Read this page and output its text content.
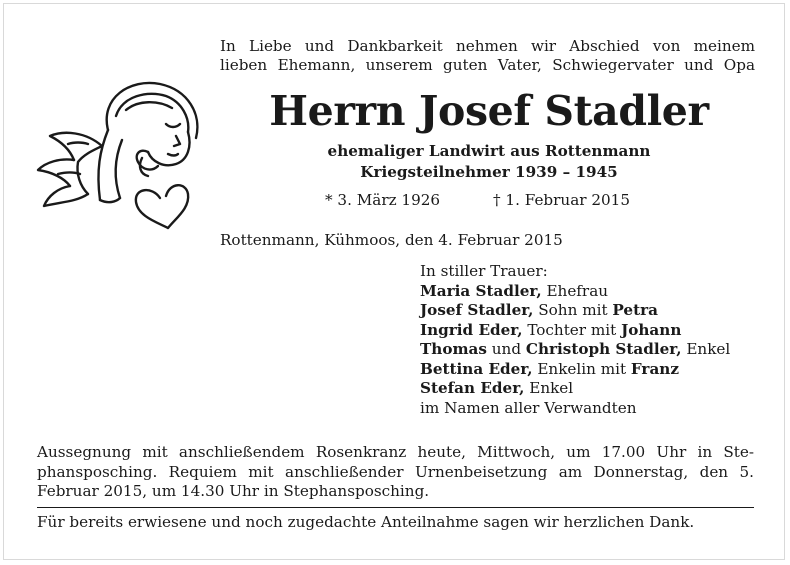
In Liebe und Dankbarkeit nehmen wir Abschied von meinem
lieben Ehemann, unserem guten Vater, Schwiegervater und Opa
Herrn Josef Stadler
ehemaliger Landwirt aus Rottenmann
Kriegsteilnehmer 1939 – 1945
* 3. März 1926	† 1. Februar 2015
Rottenmann, Kühmoos, den 4. Februar 2015
In stiller Trauer:
Maria Stadler, Ehefrau
Josef Stadler, Sohn mit Petra
Ingrid Eder, Tochter mit Johann
Thomas und Christoph Stadler, Enkel
Bettina Eder, Enkelin mit Franz
Stefan Eder, Enkel
im Namen aller Verwandten
Aussegnung mit anschließendem Rosenkranz heute, Mittwoch, um 17.00 Uhr in Stephansposching. Requiem mit anschließender Urnenbeisetzung am Donnerstag, den 5. Februar 2015, um 14.30 Uhr in Stephansposching.
Für bereits erwiesene und noch zugedachte Anteilnahme sagen wir herzlichen Dank.
